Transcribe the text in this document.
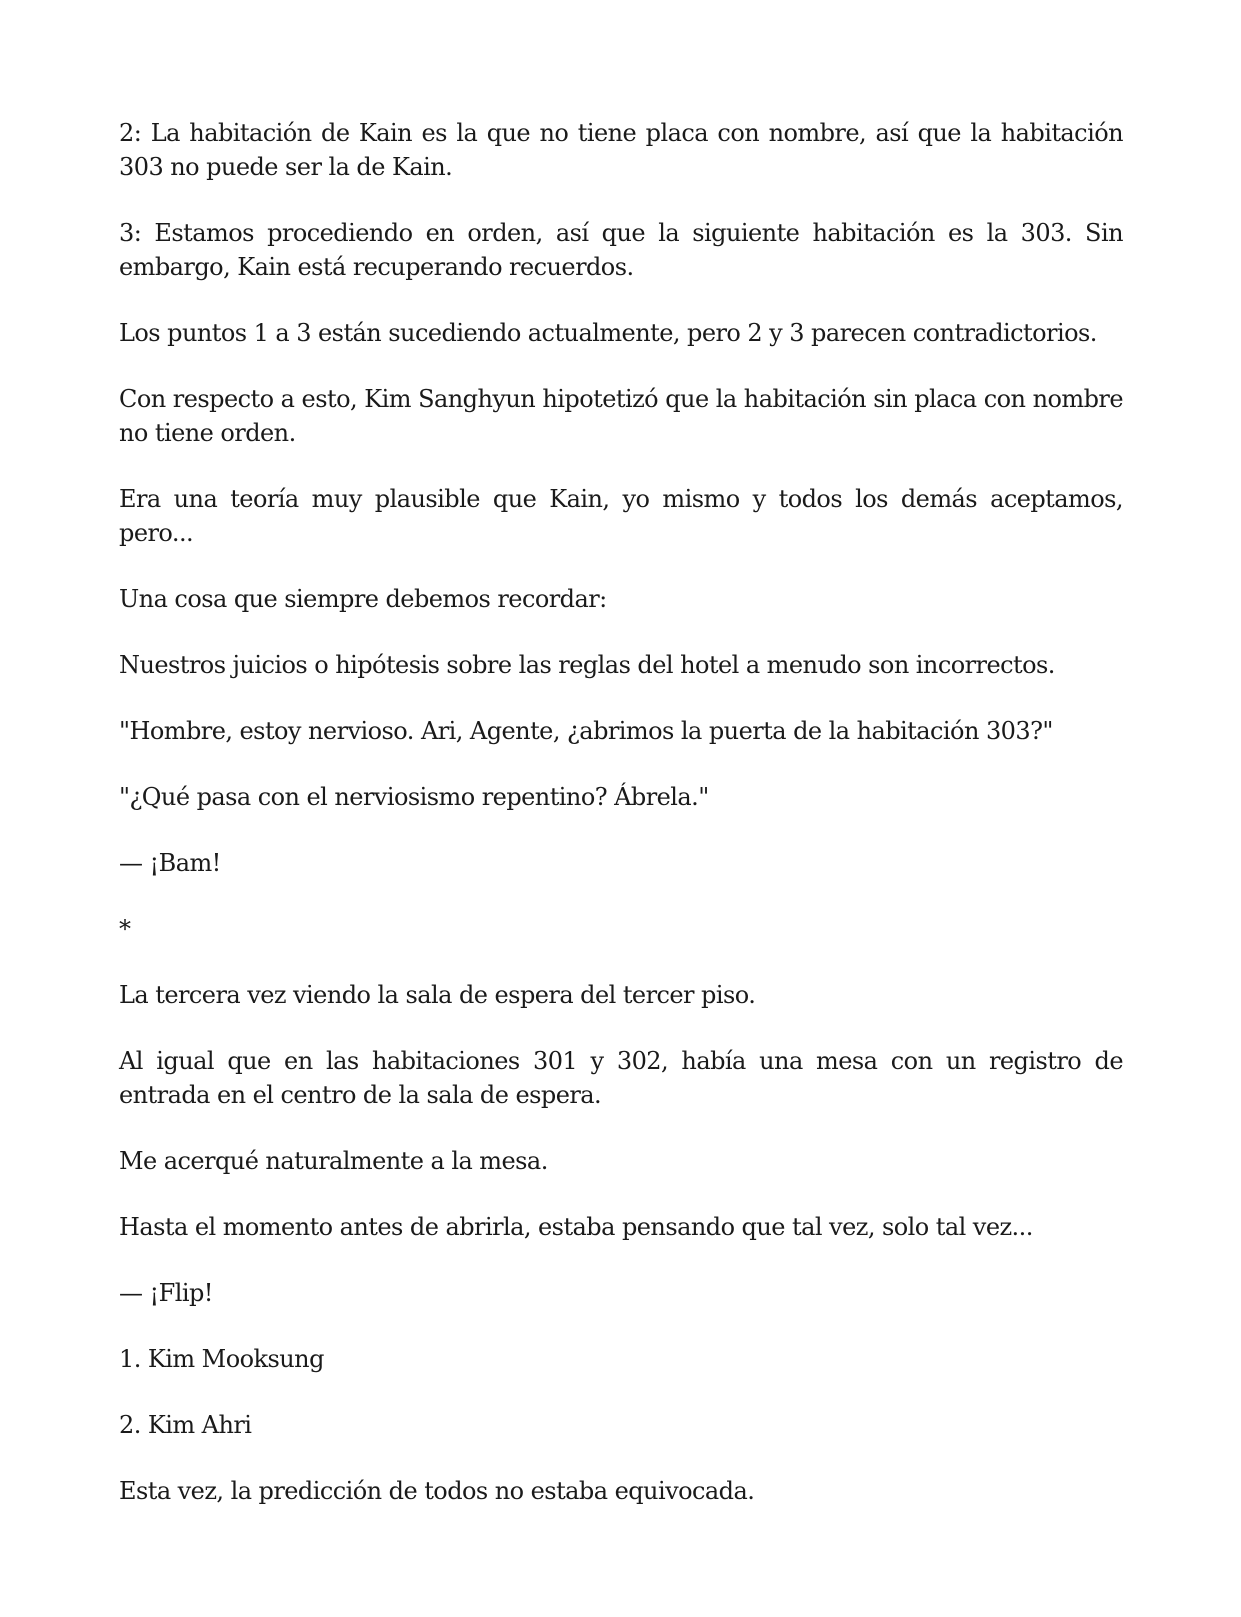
2: La habitación de Kain es la que no tiene placa con nombre, así que la habitación 303 no puede ser la de Kain.

3: Estamos procediendo en orden, así que la siguiente habitación es la 303. Sin embargo, Kain está recuperando recuerdos.

Los puntos 1 a 3 están sucediendo actualmente, pero 2 y 3 parecen contradictorios.

Con respecto a esto, Kim Sanghyun hipotetizó que la habitación sin placa con nombre no tiene orden.

Era una teoría muy plausible que Kain, yo mismo y todos los demás aceptamos, pero...

Una cosa que siempre debemos recordar:

Nuestros juicios o hipótesis sobre las reglas del hotel a menudo son incorrectos.

"Hombre, estoy nervioso. Ari, Agente, ¿abrimos la puerta de la habitación 303?"

"¿Qué pasa con el nerviosismo repentino? Ábrela."

— ¡Bam!

*

La tercera vez viendo la sala de espera del tercer piso.

Al igual que en las habitaciones 301 y 302, había una mesa con un registro de entrada en el centro de la sala de espera.

Me acerqué naturalmente a la mesa.

Hasta el momento antes de abrirla, estaba pensando que tal vez, solo tal vez...

— ¡Flip!

1. Kim Mooksung

2. Kim Ahri

Esta vez, la predicción de todos no estaba equivocada.
